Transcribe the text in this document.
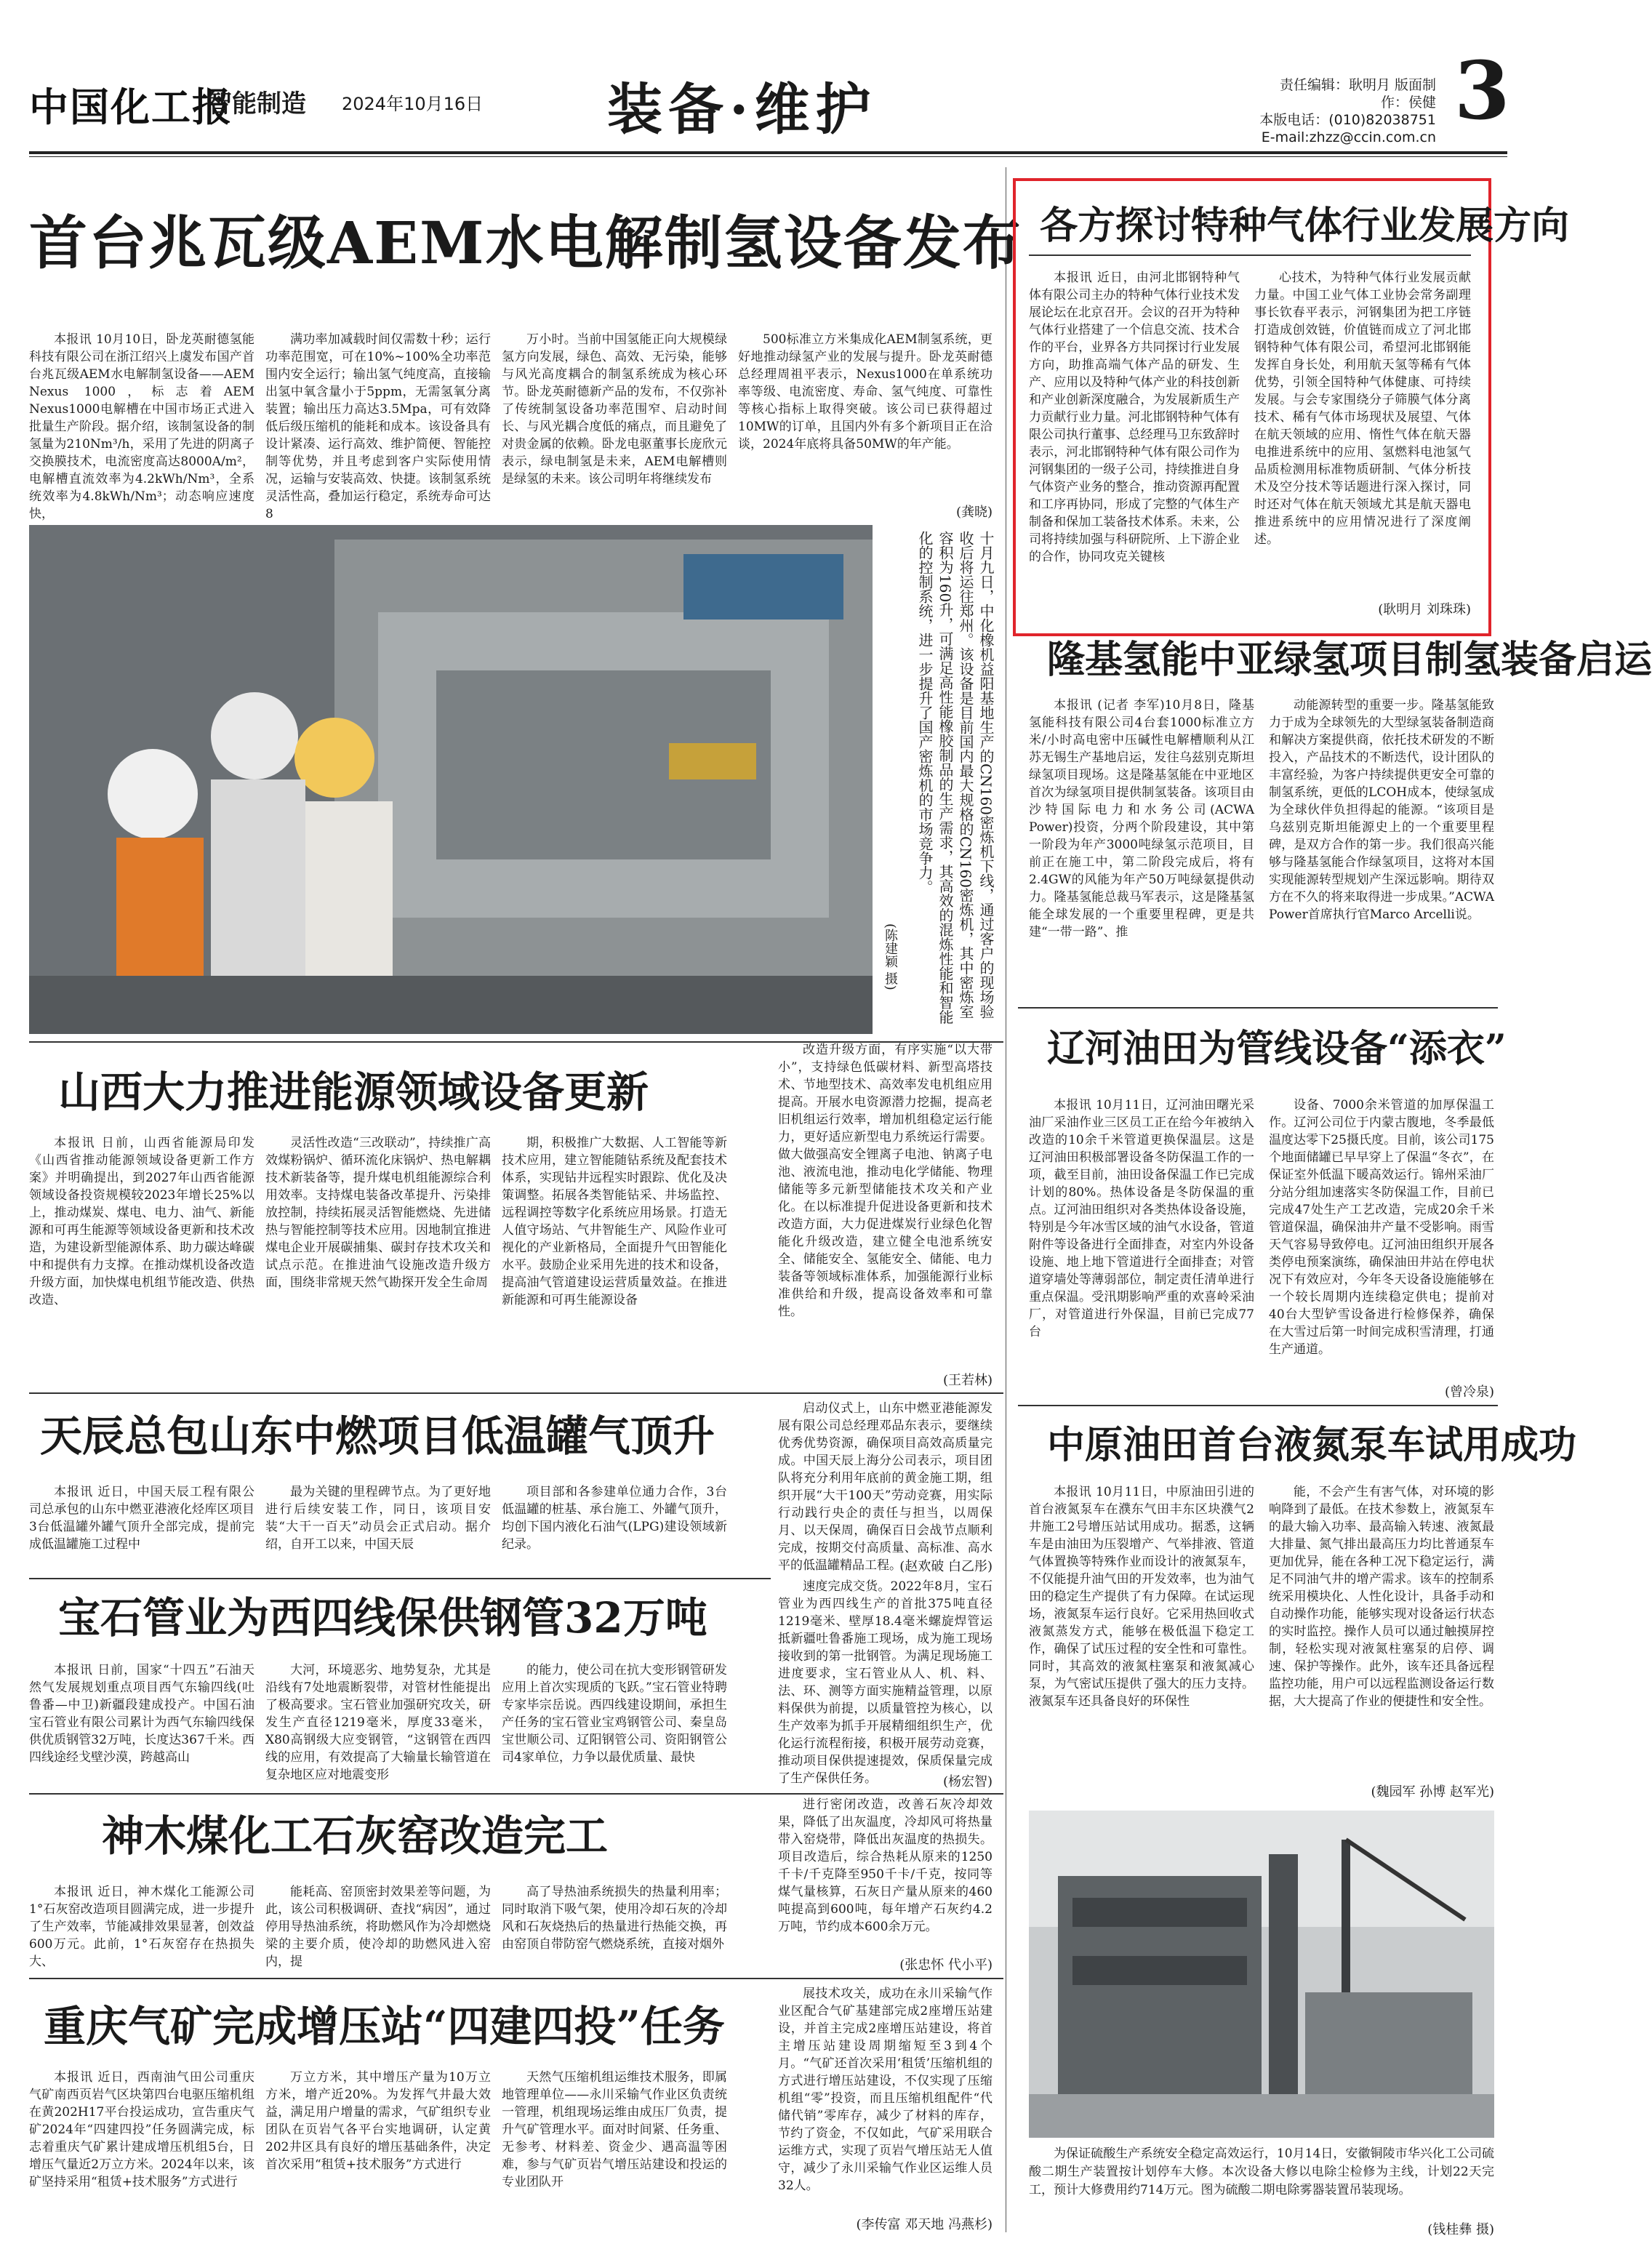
中国化工报
智能制造 2024年10月16日 装备·维护	责任编辑：耿明月 版面制作：侯健
本版电话：(010)82038751
E-mail:zhzz@ccin.com.cn 3
首台兆瓦级AEM水电解制氢设备发布
本报讯 10月10日，卧龙英耐德氢能科技有限公司在浙江绍兴上虞发布国产首台兆瓦级AEM水电解制氢设备——AEM Nexus 1000，标志着AEM Nexus1000电解槽在中国市场正式进入批量生产阶段。据介绍，该制氢设备的制氢量为210Nm³/h，采用了先进的阴离子交换膜技术，电流密度高达8000A/m²，电解槽直流效率为4.2kWh/Nm³，全系统效率为4.8kWh/Nm³；动态响应速度快，
满功率加减载时间仅需数十秒；运行功率范围宽，可在10%~100%全功率范围内安全运行；输出氢气纯度高，直接输出氢中氧含量小于5ppm，无需氢氧分离装置；输出压力高达3.5Mpa，可有效降低后级压缩机的能耗和成本。该设备具有设计紧凑、运行高效、维护简便、智能控制等优势，并且考虑到客户实际使用情况，运输与安装高效、快捷。该制氢系统灵活性高，叠加运行稳定，系统寿命可达8
万小时。当前中国氢能正向大规模绿氢方向发展，绿色、高效、无污染，能够与风光高度耦合的制氢系统成为核心环节。卧龙英耐德新产品的发布，不仅弥补了传统制氢设备功率范围窄、启动时间长、与风光耦合度低的痛点，而且避免了对贵金属的依赖。卧龙电驱董事长庞欣元表示，绿电制氢是未来，AEM电解槽则是绿氢的未来。该公司明年将继续发布
500标准立方米集成化AEM制氢系统，更好地推动绿氢产业的发展与提升。卧龙英耐德总经理周祖平表示，Nexus1000在单系统功率等级、电流密度、寿命、氢气纯度、可靠性等核心指标上取得突破。该公司已获得超过10MW的订单，且国内外有多个新项目正在洽谈，2024年底将具备50MW的年产能。
(龚晓)
十月九日，中化橡机益阳基地生产的CN160密炼机下线，通过客户的现场验收后将运往郑州。该设备是目前国内最大规格的CN160密炼机，其中密炼室容积为160升，可满足高性能橡胶制品的生产需求，其高效的混炼性能和智能化的控制系统，进一步提升了国产密炼机的市场竞争力。
(陈建颖 摄)
各方探讨特种气体行业发展方向
本报讯 近日，由河北邯钢特种气体有限公司主办的特种气体行业技术发展论坛在北京召开。会议的召开为特种气体行业搭建了一个信息交流、技术合作的平台，业界各方共同探讨行业发展方向，助推高端气体产品的研发、生产、应用以及特种气体产业的科技创新和产业创新深度融合，为发展新质生产力贡献行业力量。河北邯钢特种气体有限公司执行董事、总经理马卫东致辞时表示，河北邯钢特种气体有限公司作为河钢集团的一级子公司，持续推进自身气体资产业务的整合，推动资源再配置和工序再协同，形成了完整的气体生产制备和保加工装备技术体系。未来，公司将持续加强与科研院所、上下游企业的合作，协同攻克关键核
心技术，为特种气体行业发展贡献力量。中国工业气体工业协会常务副理事长钦春平表示，河钢集团为把工序链打造成创效链，价值链而成立了河北邯钢特种气体有限公司，希望河北邯钢能发挥自身长处，利用航天氢等稀有气体优势，引领全国特种气体健康、可持续发展。与会专家围绕分子筛膜气体分离技术、稀有气体市场现状及展望、气体在航天领域的应用、惰性气体在航天器电推进系统中的应用、氢燃料电池氢气品质检测用标准物质研制、气体分析技术及空分技术等话题进行深入探讨，同时还对气体在航天领域尤其是航天器电推进系统中的应用情况进行了深度阐述。
(耿明月 刘珠珠)
隆基氢能中亚绿氢项目制氢装备启运
本报讯 (记者 李军)10月8日，隆基氢能科技有限公司4台套1000标准立方米/小时高电密中压碱性电解槽顺利从江苏无锡生产基地启运，发往乌兹别克斯坦绿氢项目现场。这是隆基氢能在中亚地区首次为绿氢项目提供制氢装备。该项目由沙特国际电力和水务公司(ACWA Power)投资，分两个阶段建设，其中第一阶段为年产3000吨绿氢示范项目，目前正在施工中，第二阶段完成后，将有2.4GW的风能为年产50万吨绿氨提供动力。隆基氢能总裁马军表示，这是隆基氢能全球发展的一个重要里程碑，更是共建“一带一路”、推
动能源转型的重要一步。隆基氢能致力于成为全球领先的大型绿氢装备制造商和解决方案提供商，依托技术研发的不断投入，产品技术的不断迭代，设计团队的丰富经验，为客户持续提供更安全可靠的制氢系统，更低的LCOH成本，使绿氢成为全球伙伴负担得起的能源。“该项目是乌兹别克斯坦能源史上的一个重要里程碑，是双方合作的第一步。我们很高兴能够与隆基氢能合作绿氢项目，这将对本国实现能源转型规划产生深远影响。期待双方在不久的将来取得进一步成果。”ACWA Power首席执行官Marco Arcelli说。
辽河油田为管线设备“添衣”
本报讯 10月11日，辽河油田曙光采油厂采油作业三区员工正在给今年被纳入改造的10余千米管道更换保温层。这是辽河油田积极部署设备冬防保温工作的一项，截至目前，油田设备保温工作已完成计划的80%。热体设备是冬防保温的重点。辽河油田组织对各类热体设备设施，特别是今年冰雪区域的油气水设备，管道附件等设备进行全面排查，对室内外设备设施、地上地下管道进行全面排查；对管道穿墙处等薄弱部位，制定责任清单进行重点保温。受汛期影响严重的欢喜岭采油厂，对管道进行外保温，目前已完成77台
设备、7000余米管道的加厚保温工作。辽河公司位于内蒙古腹地，冬季最低温度达零下25摄氏度。目前，该公司175个地面储罐已早早穿上了保温“冬衣”，在保证室外低温下暖高效运行。锦州采油厂分站分组加速落实冬防保温工作，目前已完成47处生产工艺改造，完成20余千米管道保温，确保油井产量不受影响。雨雪天气容易导致停电。辽河油田组织开展各类停电预案演练，确保油田井站在停电状况下有效应对，今年冬天设备设施能够在一个较长周期内连续稳定供电；提前对40台大型铲雪设备进行检修保养，确保在大雪过后第一时间完成积雪清理，打通生产通道。
(曾冷泉)
中原油田首台液氮泵车试用成功
本报讯 10月11日，中原油田引进的首台液氮泵车在濮东气田丰东区块濮气2井施工2号增压站试用成功。据悉，这辆车是由油田为压裂增产、气举排液、管道气体置换等特殊作业而设计的液氮泵车，不仅能提升油气田的开发效率，也为油气田的稳定生产提供了有力保障。在试运现场，液氮泵车运行良好。它采用热回收式液氮蒸发方式，能够在极低温下稳定工作，确保了试压过程的安全性和可靠性。同时，其高效的液氮柱塞泵和液氮减心泵，为气密试压提供了强大的压力支持。液氮泵车还具备良好的环保性
能，不会产生有害气体，对环境的影响降到了最低。在技术参数上，液氮泵车的最大输入功率、最高输入转速、液氮最大排量、氮气排出最高压力均比普通泵车更加优异，能在各种工况下稳定运行，满足不同油气井的增产需求。该车的控制系统采用模块化、人性化设计，具备手动和自动操作功能，能够实现对设备运行状态的实时监控。操作人员可以通过触摸屏控制，轻松实现对液氮柱塞泵的启停、调速、保护等操作。此外，该车还具备远程监控功能，用户可以远程监测设备运行数据，大大提高了作业的便捷性和安全性。
(魏园军 孙博 赵军光)
为保证硫酸生产系统安全稳定高效运行，10月14日，安徽铜陵市华兴化工公司硫酸二期生产装置按计划停车大修。本次设备大修以电除尘检修为主线，计划22天完工，预计大修费用约714万元。图为硫酸二期电除雾器装置吊装现场。
(钱桂彝 摄)
山西大力推进能源领域设备更新
本报讯 日前，山西省能源局印发《山西省推动能源领域设备更新工作方案》并明确提出，到2027年山西省能源领域设备投资规模较2023年增长25%以上，推动煤炭、煤电、电力、油气、新能源和可再生能源等领域设备更新和技术改造，为建设新型能源体系、助力碳达峰碳中和提供有力支撑。在推动煤机设备改造升级方面，加快煤电机组节能改造、供热改造、
灵活性改造“三改联动”，持续推广高效煤粉锅炉、循环流化床锅炉、热电解耦技术新装备等，提升煤电机组能源综合利用效率。支持煤电装备改革提升、污染排放控制，持续拓展灵活智能燃烧、先进储热与智能控制等技术应用。因地制宜推进煤电企业开展碳捕集、碳封存技术攻关和试点示范。在推进油气设施改造升级方面，围绕非常规天然气勘探开发全生命周
期，积极推广大数据、人工智能等新技术应用，建立智能随钻系统及配套技术体系，实现钻井远程实时跟踪、优化及决策调整。拓展各类智能钻采、井场监控、远程调控等数字化系统应用场景。打造无人值守场站、气井智能生产、风险作业可视化的产业新格局，全面提升气田智能化水平。鼓励企业采用先进的技术和设备，提高油气管道建设运营质量效益。在推进新能源和可再生能源设备
改造升级方面，有序实施“以大带小”，支持绿色低碳材料、新型高塔技术、节地型技术、高效率发电机组应用提高。开展水电资源潜力挖掘，提高老旧机组运行效率，增加机组稳定运行能力，更好适应新型电力系统运行需要。做大做强高安全锂离子电池、钠离子电池、液流电池，推动电化学储能、物理储能等多元新型储能技术攻关和产业化。在以标准提升促进设备更新和技术改造方面，大力促进煤炭行业绿色化智能化升级改造，建立健全电池系统安全、储能安全、氢能安全、储能、电力装备等领域标准体系，加强能源行业标准供给和升级，提高设备效率和可靠性。
(王若林)
天辰总包山东中燃项目低温罐气顶升
本报讯 近日，中国天辰工程有限公司总承包的山东中燃亚港液化烃库区项目3台低温罐外罐气顶升全部完成，提前完成低温罐施工过程中
最为关键的里程碑节点。为了更好地进行后续安装工作，同日，该项目安装“大干一百天”动员会正式启动。据介绍，自开工以来，中国天辰
项目部和各参建单位通力合作，3台低温罐的桩基、承台施工、外罐气顶升，均创下国内液化石油气(LPG)建设领域新纪录。
启动仪式上，山东中燃亚港能源发展有限公司总经理邓品东表示，要继续优秀优势资源，确保项目高效高质量完成。中国天辰上海分公司表示，项目团队将充分利用年底前的黄金施工期，组织开展“大干100天”劳动竞赛，用实际行动践行央企的责任与担当，以周保月、以天保周，确保百日会战节点顺利完成，按期交付高质量、高标准、高水平的低温罐精品工程。
(赵欢破 白乙彤)
宝石管业为西四线保供钢管32万吨
本报讯 日前，国家“十四五”石油天然气发展规划重点项目西气东输四线(吐鲁番—中卫)新疆段建成投产。中国石油宝石管业有限公司累计为西气东输四线保供优质钢管32万吨，长度达367千米。西四线途经戈壁沙漠，跨越高山
大河，环境恶劣、地势复杂，尤其是沿线有7处地震断裂带，对管材性能提出了极高要求。宝石管业加强研究攻关，研发生产直径1219毫米，厚度33毫米，X80高钢级大应变钢管，“这钢管在西四线的应用，有效提高了大输量长输管道在复杂地区应对地震变形
的能力，使公司在抗大变形钢管研发应用上首次实现质的飞跃。”宝石管业特聘专家毕宗岳说。西四线建设期间，承担生产任务的宝石管业宝鸡钢管公司、秦皇岛宝世顺公司、辽阳钢管公司、资阳钢管公司4家单位，力争以最优质量、最快
速度完成交货。2022年8月，宝石管业为西四线生产的首批375吨直径1219毫米、壁厚18.4毫米螺旋焊管运抵新疆吐鲁番施工现场，成为施工现场接收到的第一批钢管。为满足现场施工进度要求，宝石管业从人、机、料、法、环、测等方面实施精益管理，以原料保供为前提，以质量管控为核心，以生产效率为抓手开展精细组织生产，优化运行流程衔接，积极开展劳动竞赛，推动项目保供提速提效，保质保量完成了生产保供任务。	(杨宏智)
神木煤化工石灰窑改造完工
本报讯 近日，神木煤化工能源公司1°石灰窑改造项目圆满完成，进一步提升了生产效率，节能减排效果显著，创效益600万元。此前，1°石灰窑存在热损失大、
能耗高、窑顶密封效果差等问题，为此，该公司积极调研、查找“病因”，通过停用导热油系统，将助燃风作为冷却燃烧梁的主要介质，使冷却的助燃风进入窑内，提
高了导热油系统损失的热量利用率；同时取消下吸气架，使用冷却石灰的冷却风和石灰烧热后的热量进行热能交换，再由窑顶自带防窑气燃烧系统，直接对烟外
进行密闭改造，改善石灰冷却效果，降低了出灰温度，冷却风可将热量带入窑烧带，降低出灰温度的热损失。项目改造后，综合热耗从原来的1250千卡/千克降至950千卡/千克，按同等煤气量核算，石灰日产量从原来的460吨提高到600吨，每年增产石灰约4.2万吨，节约成本600余万元。
(张忠怀 代小平)
重庆气矿完成增压站“四建四投”任务
本报讯 近日，西南油气田公司重庆气矿南西页岩气区块第四台电驱压缩机组在黄202H17平台投运成功，宣告重庆气矿2024年“四建四投”任务圆满完成，标志着重庆气矿累计建成增压机组5台，日增压气量近2万立方米。2024年以来，该矿坚持采用“租赁+技术服务”方式进行
万立方米，其中增压产量为10万立方米，增产近20%。为发挥气井最大效益，满足用户增量的需求，气矿组织专业团队在页岩气各平台实地调研，认定黄202井区具有良好的增压基础条件，决定首次采用“租赁+技术服务”方式进行
天然气压缩机组运维技术服务，即属地管理单位——永川采输气作业区负责统一管理，机组现场运维由成压厂负责，提升气矿管理水平。面对时间紧、任务重、无参考、材料差、资金少、遇高温等困难，参与气矿页岩气增压站建设和投运的专业团队开
展技术攻关，成功在永川采输气作业区配合气矿基建部完成2座增压站建设，并首主完成2座增压站建设，将首主增压站建设周期缩短至3到4个月。“气矿还首次采用‘租赁’压缩机组的方式进行增压站建设，不仅实现了压缩机组“零”投资，而且压缩机组配件“代储代销”零库存，减少了材料的库存，节约了资金，不仅如此，气矿采用联合运维方式，实现了页岩气增压站无人值守，减少了永川采输气作业区运维人员32人。
(李传富 邓天地 冯燕杉)
